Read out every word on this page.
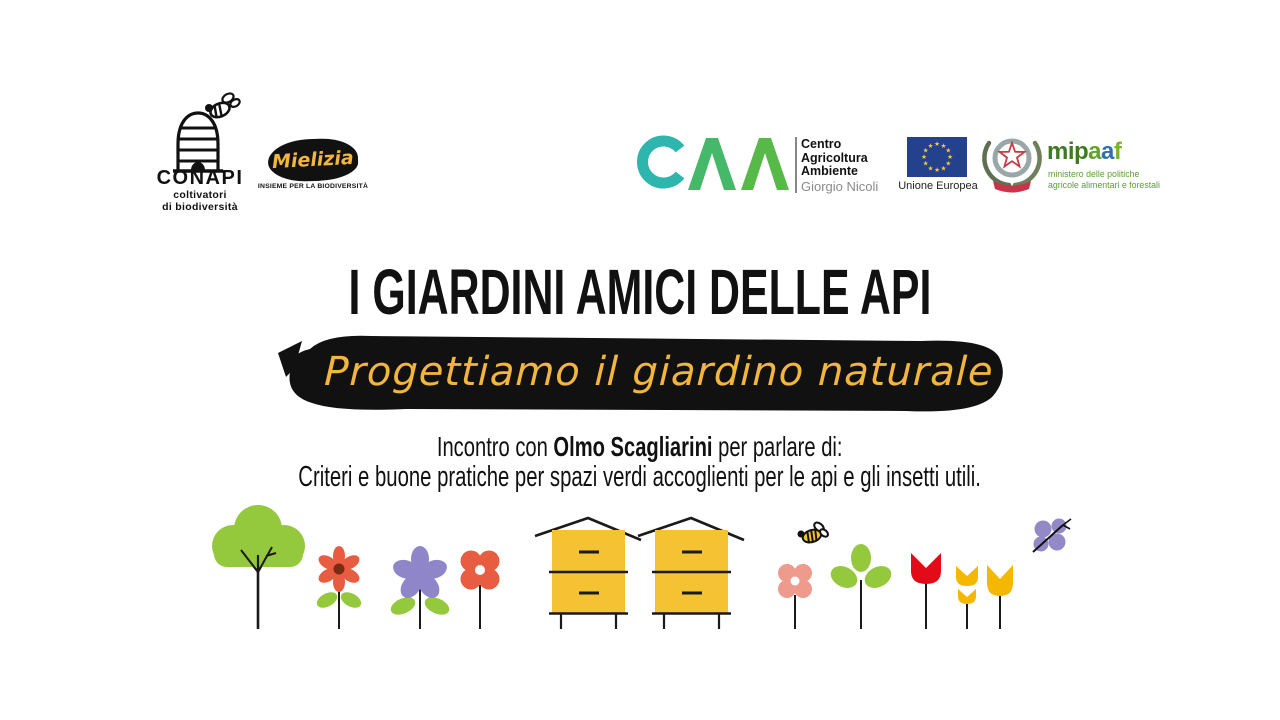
CONAPI
coltivatori
di biodiversità
Mielizia
INSIEME PER LA BIODIVERSITÀ
Centro
Agricoltura
Ambiente
Giorgio Nicoli
★
★
★
★
★
★
★
★
★ ★ ★
★
Unione Europea
mipaaf
ministero delle politiche
agricole alimentari e forestali
I GIARDINI AMICI DELLE API
Progettiamo il giardino naturale
Incontro con Olmo Scagliarini per parlare di:
Criteri e buone pratiche per spazi verdi accoglienti per le api e gli insetti utili.
